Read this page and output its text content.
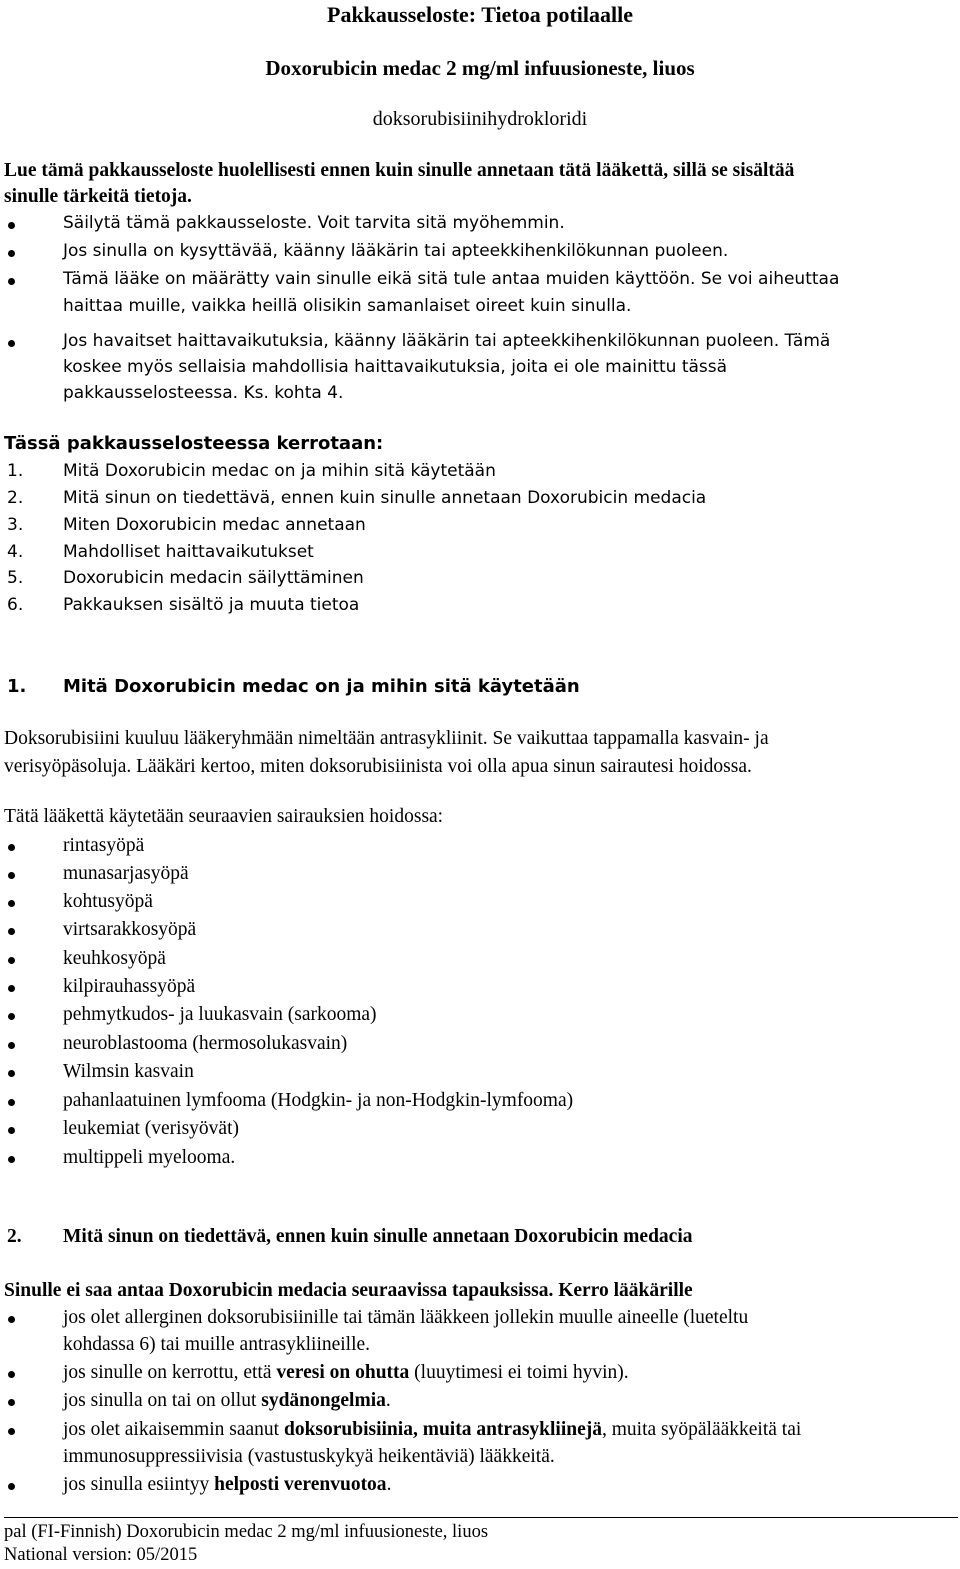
Pakkausseloste: Tietoa potilaalle
Doxorubicin medac 2 mg/ml infuusioneste, liuos
doksorubisiinihydrokloridi
Lue tämä pakkausseloste huolellisesti ennen kuin sinulle annetaan tätä lääkettä, sillä se sisältää
sinulle tärkeitä tietoja.
Säilytä tämä pakkausseloste. Voit tarvita sitä myöhemmin.
Jos sinulla on kysyttävää, käänny lääkärin tai apteekkihenkilökunnan puoleen.
Tämä lääke on määrätty vain sinulle eikä sitä tule antaa muiden käyttöön. Se voi aiheuttaa
haittaa muille, vaikka heillä olisikin samanlaiset oireet kuin sinulla.
Jos havaitset haittavaikutuksia, käänny lääkärin tai apteekkihenkilökunnan puoleen. Tämä
koskee myös sellaisia mahdollisia haittavaikutuksia, joita ei ole mainittu tässä
pakkausselosteessa. Ks. kohta 4.
Tässä pakkausselosteessa kerrotaan:
1. Mitä Doxorubicin medac on ja mihin sitä käytetään
2. Mitä sinun on tiedettävä, ennen kuin sinulle annetaan Doxorubicin medacia
3. Miten Doxorubicin medac annetaan
4. Mahdolliset haittavaikutukset
5. Doxorubicin medacin säilyttäminen
6. Pakkauksen sisältö ja muuta tietoa
1. Mitä Doxorubicin medac on ja mihin sitä käytetään
Doksorubisiini kuuluu lääkeryhmään nimeltään antrasykliinit. Se vaikuttaa tappamalla kasvain- ja
verisyöpäsoluja. Lääkäri kertoo, miten doksorubisiinista voi olla apua sinun sairautesi hoidossa.
Tätä lääkettä käytetään seuraavien sairauksien hoidossa:
rintasyöpä
munasarjasyöpä
kohtusyöpä
virtsarakkosyöpä
keuhkosyöpä
kilpirauhassyöpä
pehmytkudos- ja luukasvain (sarkooma)
neuroblastooma (hermosolukasvain)
Wilmsin kasvain
pahanlaatuinen lymfooma (Hodgkin- ja non-Hodgkin-lymfooma)
leukemiat (verisyövät)
multippeli myelooma.
2. Mitä sinun on tiedettävä, ennen kuin sinulle annetaan Doxorubicin medacia
Sinulle ei saa antaa Doxorubicin medacia seuraavissa tapauksissa. Kerro lääkärille
jos olet allerginen doksorubisiinille tai tämän lääkkeen jollekin muulle aineelle (lueteltu
kohdassa 6) tai muille antrasykliineille.
jos sinulle on kerrottu, että veresi on ohutta (luuytimesi ei toimi hyvin).
jos sinulla on tai on ollut sydänongelmia.
jos olet aikaisemmin saanut doksorubisiinia, muita antrasykliinejä, muita syöpälääkkeitä tai
immunosuppressiivisia (vastustuskykyä heikentäviä) lääkkeitä.
jos sinulla esiintyy helposti verenvuotoa.
pal (FI-Finnish) Doxorubicin medac 2 mg/ml infuusioneste, liuos
National version: 05/2015
